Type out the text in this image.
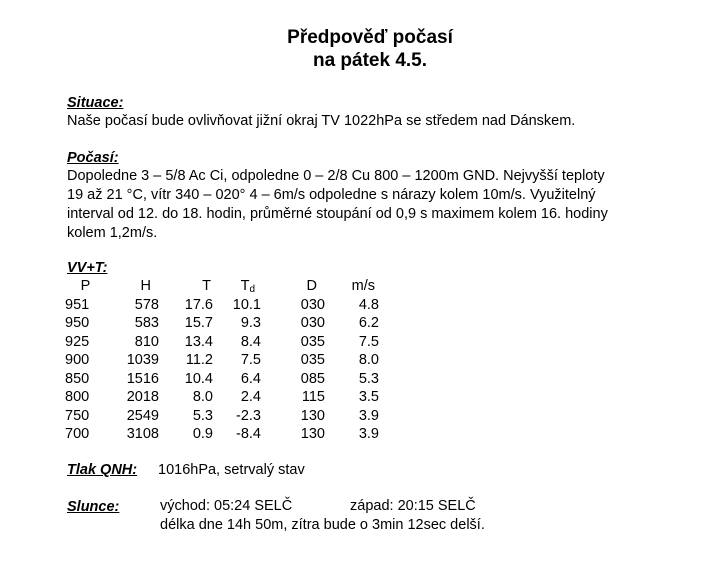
Předpověď počasí
na pátek 4.5.
Situace:
Naše počasí bude ovlivňovat jižní okraj TV 1022hPa se středem nad Dánskem.
Počasí:
Dopoledne 3 – 5/8 Ac Ci, odpoledne 0 – 2/8 Cu 800 – 1200m GND. Nejvyšší teploty
19 až 21 °C, vítr 340 – 020° 4 – 6m/s odpoledne s nárazy kolem 10m/s. Využitelný
interval od 12. do 18. hodin, průměrné stoupání od 0,9 s maximem kolem 16. hodiny
kolem 1,2m/s.
VV+T:
P	H	T	$T_d$	D	m/s
951	578	17.6	10.1	030	4.8
950	583	15.7	9.3	030	6.2
925	810	13.4	8.4	035	7.5
900	1039	11.2	7.5	035	8.0
850	1516	10.4	6.4	085	5.3
800	2018	8.0	2.4	115	3.5
750	2549	5.3	-2.3	130	3.9
700	3108	0.9	-8.4	130	3.9
Tlak QNH: 1016hPa, setrvalý stav
Slunce:	východ: 05:24 SELČ	západ: 20:15 SELČ
délka dne 14h 50m, zítra bude o 3min 12sec delší.
